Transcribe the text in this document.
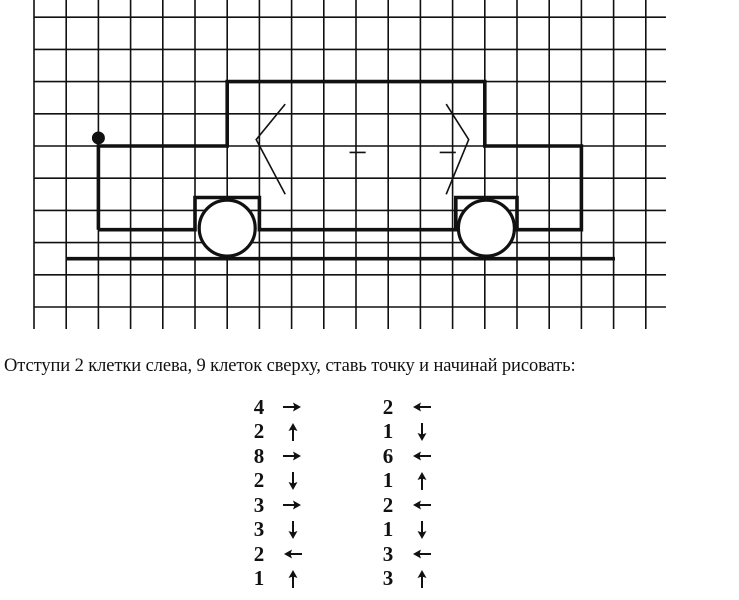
Отступи 2 клетки слева, 9 клеток сверху, ставь точку и начинай рисовать:
4
2
8
2
3
3
2
1
2
1
6
1
2
1
3
3
